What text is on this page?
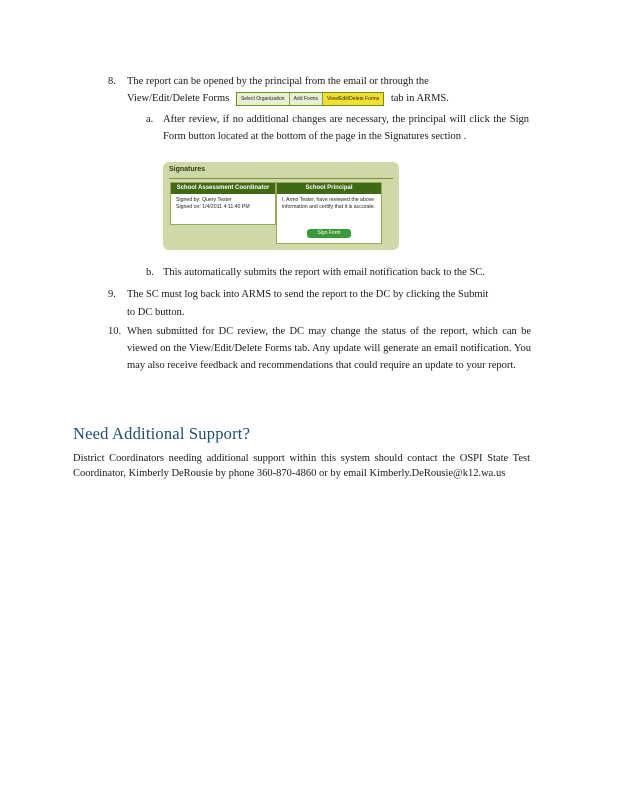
8. The report can be opened by the principal from the email or through the
View/Edit/Delete Forms Select Organization Add Forms View/Edit/Delete Forms tab in ARMS.
a. After review, if no additional changes are necessary, the principal will click the Sign Form button located at the bottom of the page in the Signatures section .
Signatures
School Assessment Coordinator
Signed by: Query Tester
Signed on: 1/4/2011 4:11:40 PM
School Principal
I, Armo Tester, have reviewed the above information and certify that it is accurate.
Sign Form
b. This automatically submits the report with email notification back to the SC.
9. The SC must log back into ARMS to send the report to the DC by clicking the Submit
to DC button.
10. When submitted for DC review, the DC may change the status of the report, which can be viewed on the View/Edit/Delete Forms tab. Any update will generate an email notification. You may also receive feedback and recommendations that could require an update to your report.
Need Additional Support?
District Coordinators needing additional support within this system should contact the OSPI State Test Coordinator, Kimberly DeRousie by phone 360-870-4860 or by email Kimberly.DeRousie@k12.wa.us
